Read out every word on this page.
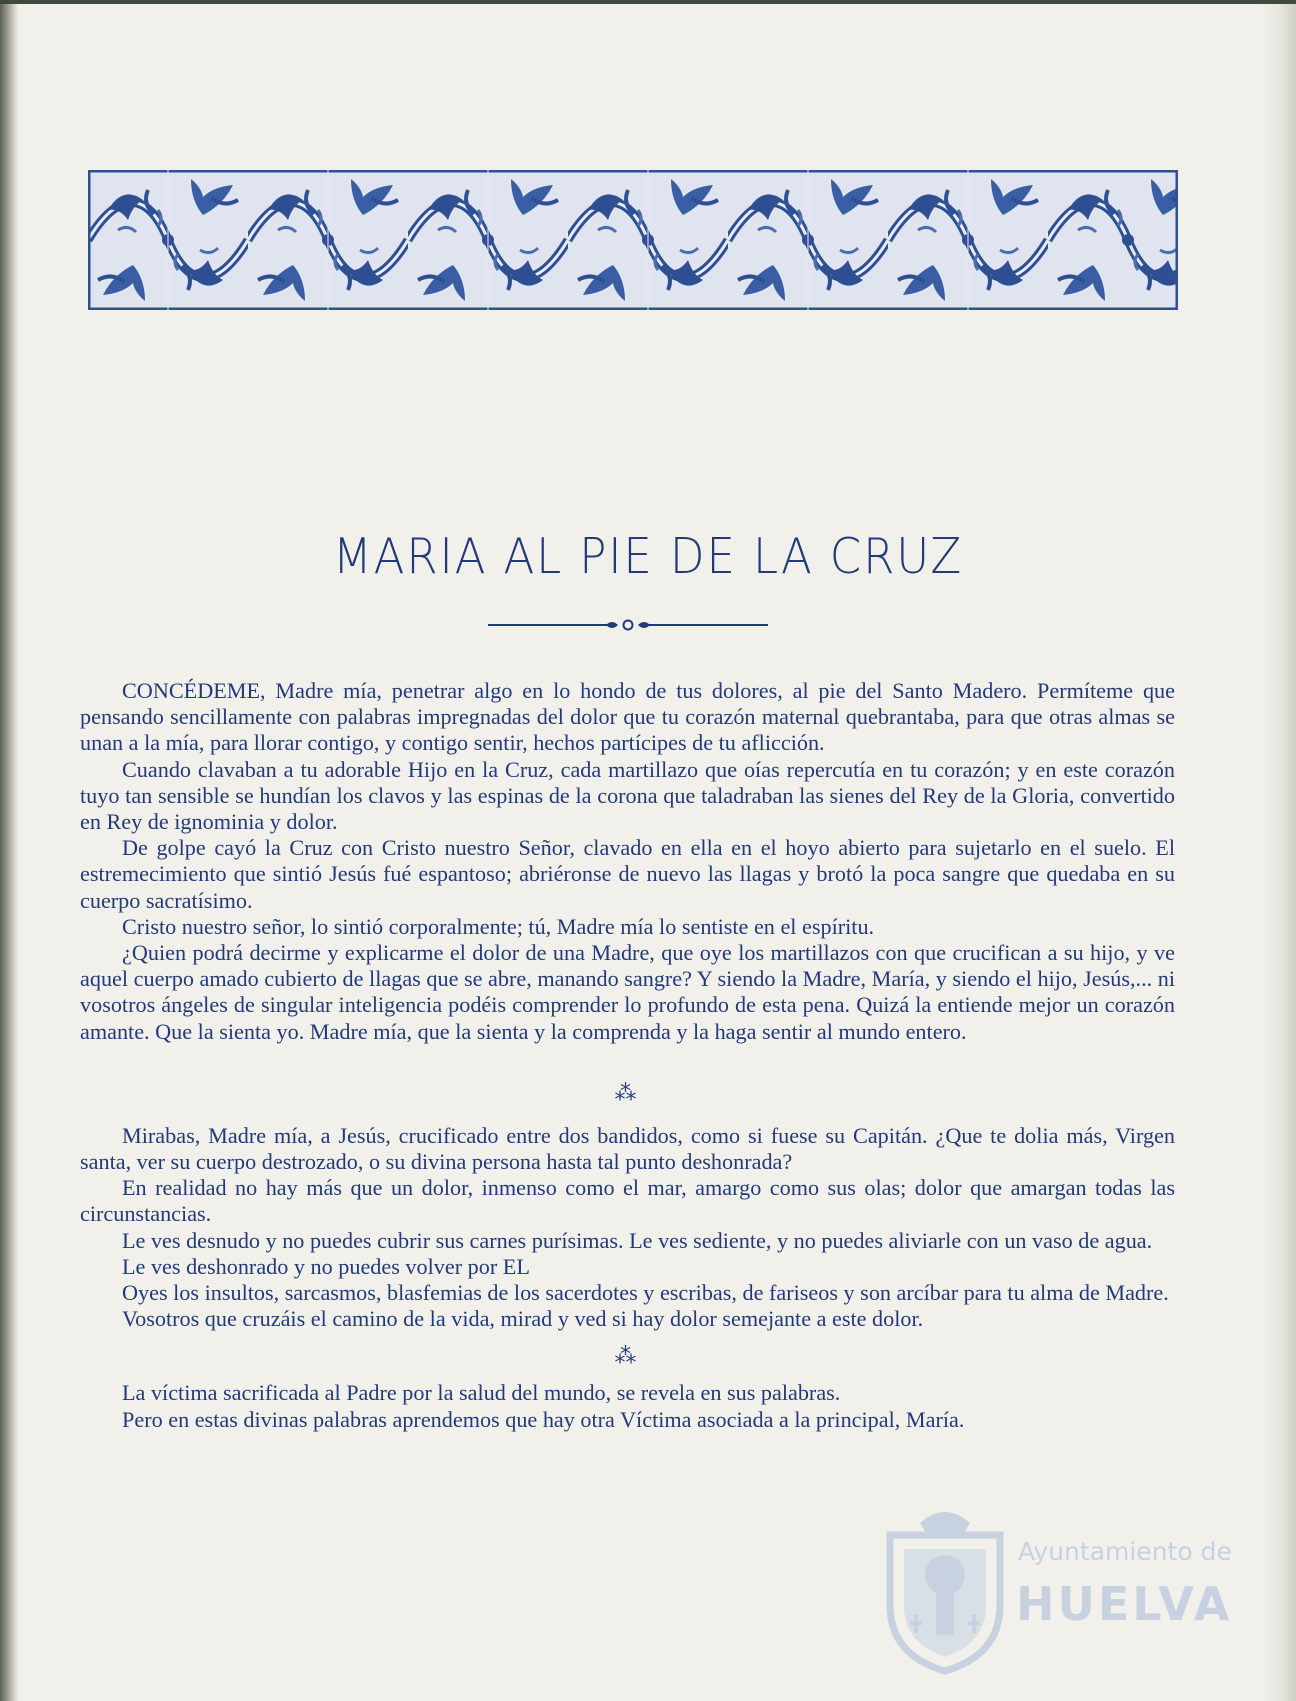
MARIA AL PIE DE LA CRUZ

CONCÉDEME, Madre mía, penetrar algo en lo hondo de tus dolores, al pie del Santo Madero. Permíteme que pensando sencillamente con palabras impregnadas del dolor que tu corazón maternal quebrantaba, para que otras almas se unan a la mía, para llorar contigo, y contigo sentir, hechos partícipes de tu aflicción.

Cuando clavaban a tu adorable Hijo en la Cruz, cada martillazo que oías repercutía en tu corazón; y en este corazón tuyo tan sensible se hundían los clavos y las espinas de la corona que taladraban las sienes del Rey de la Gloria, convertido en Rey de ignominia y dolor.

De golpe cayó la Cruz con Cristo nuestro Señor, clavado en ella en el hoyo abierto para sujetarlo en el suelo. El estremecimiento que sintió Jesús fué espantoso; abriéronse de nuevo las llagas y brotó la poca sangre que quedaba en su cuerpo sacratísimo.

Cristo nuestro señor, lo sintió corporalmente; tú, Madre mía lo sentiste en el espíritu.

¿Quien podrá decirme y explicarme el dolor de una Madre, que oye los martillazos con que crucifican a su hijo, y ve aquel cuerpo amado cubierto de llagas que se abre, manando sangre? Y siendo la Madre, María, y siendo el hijo, Jesús,... ni vosotros ángeles de singular inteligencia podéis comprender lo profundo de esta pena. Quizá la entiende mejor un corazón amante. Que la sienta yo. Madre mía, que la sienta y la comprenda y la haga sentir al mundo entero.

⁂

Mirabas, Madre mía, a Jesús, crucificado entre dos bandidos, como si fuese su Capitán. ¿Que te dolia más, Virgen santa, ver su cuerpo destrozado, o su divina persona hasta tal punto deshonrada?

En realidad no hay más que un dolor, inmenso como el mar, amargo como sus olas; dolor que amargan todas las circunstancias.

Le ves desnudo y no puedes cubrir sus carnes purísimas. Le ves sediente, y no puedes aliviarle con un vaso de agua.

Le ves deshonrado y no puedes volver por EL

Oyes los insultos, sarcasmos, blasfemias de los sacerdotes y escribas, de fariseos y son arcíbar para tu alma de Madre.

Vosotros que cruzáis el camino de la vida, mirad y ved si hay dolor semejante a este dolor.

⁂

La víctima sacrificada al Padre por la salud del mundo, se revela en sus palabras.

Pero en estas divinas palabras aprendemos que hay otra Víctima asociada a la principal, María.

Ayuntamiento de
HUELVA
